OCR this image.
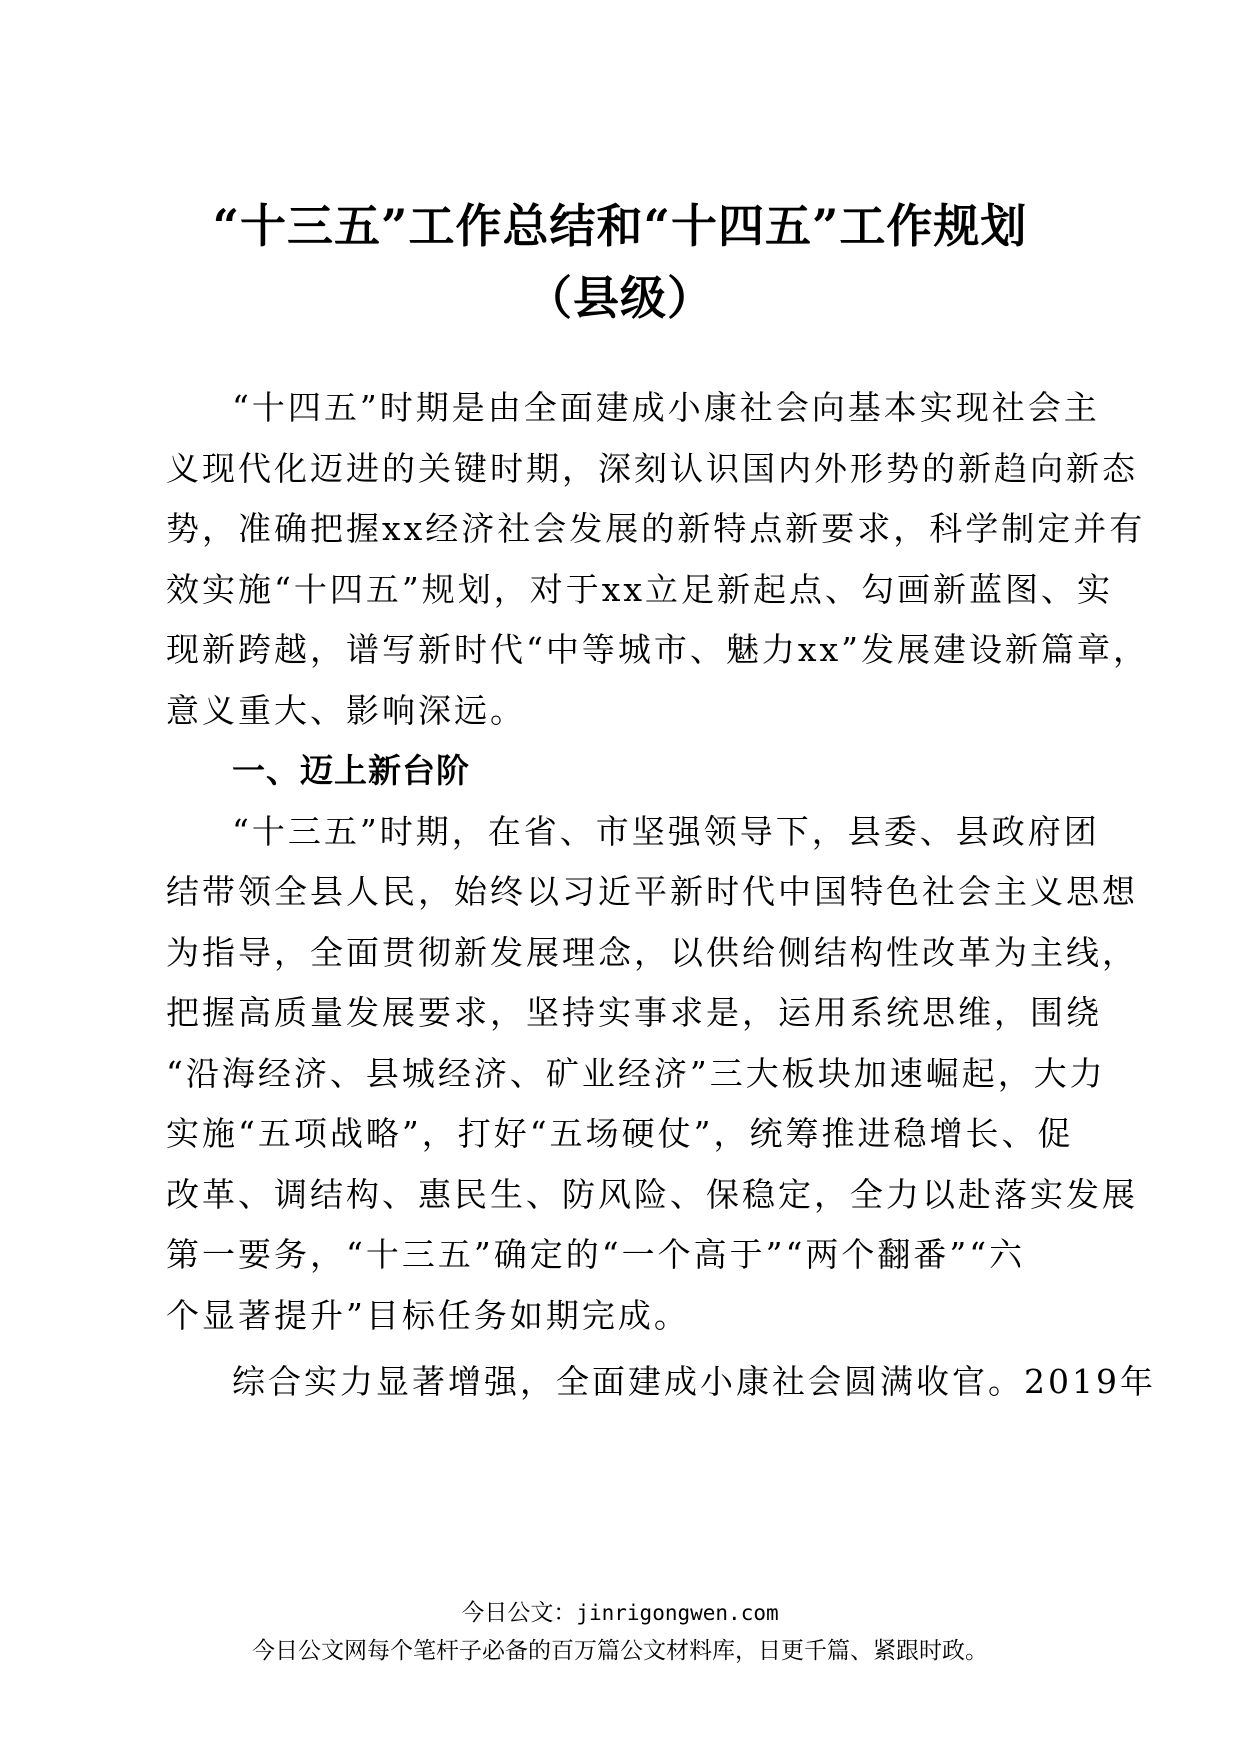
“十三五”工作总结和“十四五”工作规划
（县级）
“十四五”时期是由全面建成小康社会向基本实现社会主
义现代化迈进的关键时期，深刻认识国内外形势的新趋向新态
势，准确把握xx经济社会发展的新特点新要求，科学制定并有
效实施“十四五”规划，对于xx立足新起点、勾画新蓝图、实
现新跨越，谱写新时代“中等城市、魅力xx”发展建设新篇章，
意义重大、影响深远。
一、迈上新台阶
“十三五”时期，在省、市坚强领导下，县委、县政府团
结带领全县人民，始终以习近平新时代中国特色社会主义思想
为指导，全面贯彻新发展理念，以供给侧结构性改革为主线，
把握高质量发展要求，坚持实事求是，运用系统思维，围绕
“沿海经济、县城经济、矿业经济”三大板块加速崛起，大力
实施“五项战略”，打好“五场硬仗”，统筹推进稳增长、促
改革、调结构、惠民生、防风险、保稳定，全力以赴落实发展
第一要务，“十三五”确定的“一个高于”“两个翻番”“六
个显著提升”目标任务如期完成。
综合实力显著增强，全面建成小康社会圆满收官。2019年
今日公文：jinrigongwen.com
今日公文网每个笔杆子必备的百万篇公文材料库，日更千篇、紧跟时政。
